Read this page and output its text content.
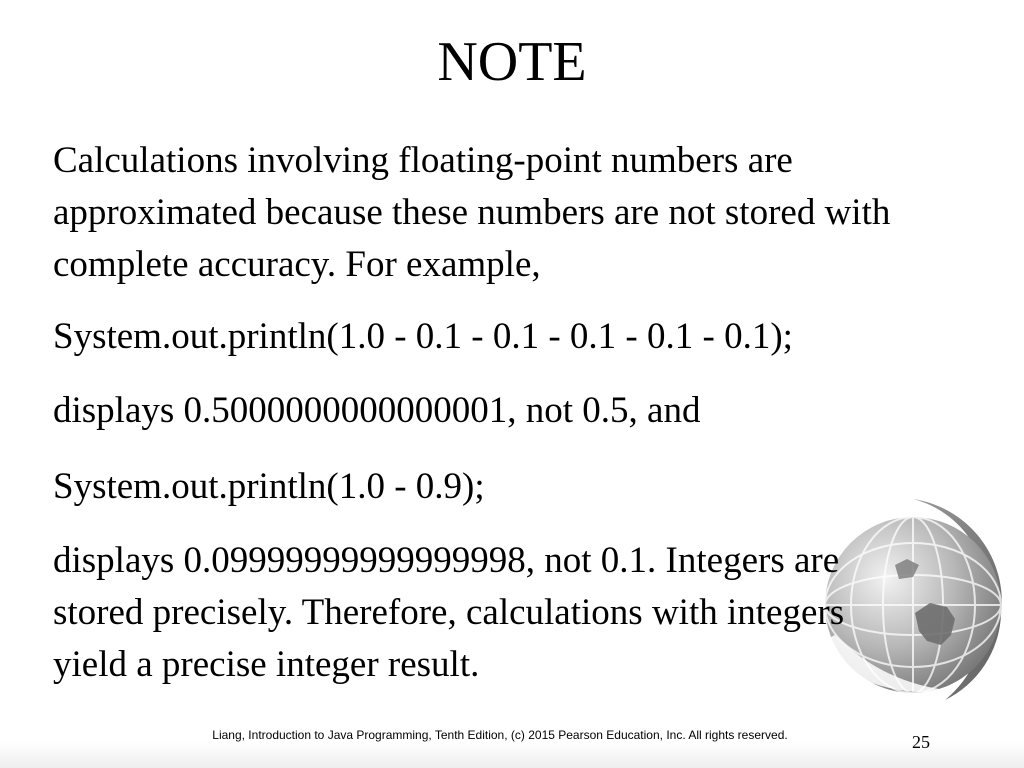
NOTE

Calculations involving floating-point numbers are approximated because these numbers are not stored with complete accuracy. For example,

System.out.println(1.0 - 0.1 - 0.1 - 0.1 - 0.1 - 0.1);

displays 0.5000000000000001, not 0.5, and

System.out.println(1.0 - 0.9);

displays 0.09999999999999998, not 0.1. Integers are
stored precisely. Therefore, calculations with integers
yield a precise integer result.

Liang, Introduction to Java Programming, Tenth Edition, (c) 2015 Pearson Education, Inc. All rights reserved.	25
